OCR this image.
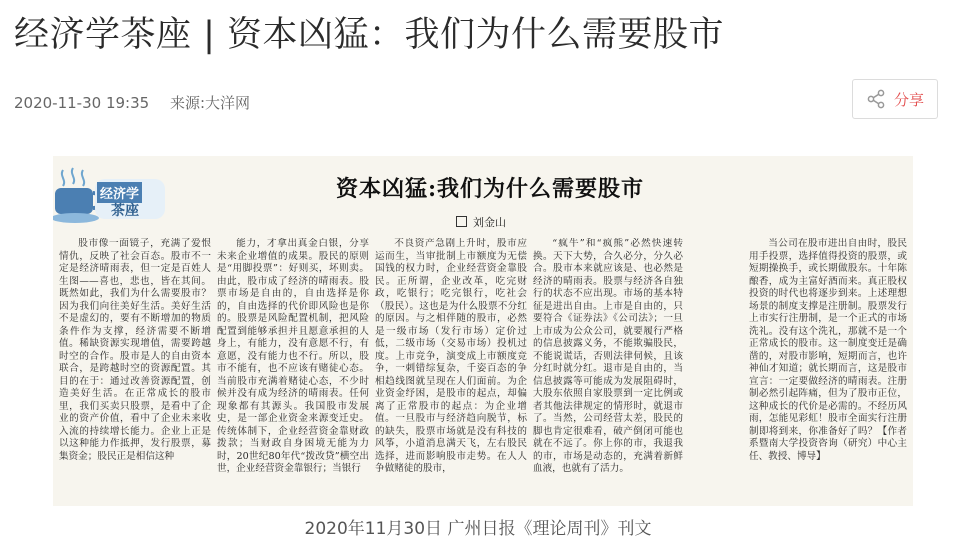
经济学茶座 | 资本凶猛：我们为什么需要股市
2020-11-30 19:35 来源:大洋网	分享
经济学
茶座
资本凶猛:我们为什么需要股市
刘金山

股市像一面镜子，充满了爱恨情仇，反映了社会百态。股市不一定是经济晴雨表，但一定是百姓人生图——喜也，悲也，皆在其间。既然如此，我们为什么需要股市？因为我们向往美好生活。美好生活不是虚幻的，要有不断增加的物质条件作为支撑，经济需要不断增值。稀缺资源实现增值，需要跨越时空的合作。股市是人的自由资本联合，是跨越时空的资源配置。其目的在于：通过改善资源配置，创造美好生活。在正常成长的股市里，我们买卖只股票，是看中了企业的资产价值，看中了企业未来收入流的持续增长能力。企业上正是以这种能力作抵押，发行股票，募集资金；股民正是相信这种

能力，才拿出真金白银，分享未来企业增值的成果。股民的原则是“用脚投票”：好则买，坏则卖。由此，股市成了经济的晴雨表。股票市场是自由的，自由选择是你的，自由选择的代价即风险也是你的。股票是风险配置机制，把风险配置到能够承担并且愿意承担的人身上，有能力，没有意愿不行，有意愿，没有能力也不行。所以，股市不能有，也不应该有赌徒心态。当前股市充满着赌徒心态，不少时候并没有成为经济的晴雨表。任何现象都有其源头。我国股市发展史，是一部企业资金来源变迁史。传统体制下，企业经营资金靠财政拨款；当财政自身困境无能为力时，20世纪80年代“拨改贷”横空出世，企业经营资金靠银行；当银行

不良资产急剧上升时，股市应运而生，当审批制上市额度为无偿国钱的权力时，企业经营资金靠股民。正所谓，企业改革，吃完财政，吃银行；吃完银行，吃社会（股民）。这也是为什么股票不分红的原因。与之相伴随的股市，必然是一级市场（发行市场）定价过低，二级市场（交易市场）投机过度。上市竞争，演变成上市额度竞争，一刺错综复杂，千姿百态的争相趋线图就呈现在人们面前。为企业资金纾困，是股市的起点，却偏离了正常股市的起点：为企业增值。一旦股市与经济趋向脱节，标的缺失，股票市场就是没有科技的风筝，小道消息满天飞，左右股民选择，进而影响股市走势。在人人争做赌徒的股市，

“疯牛”和“疯熊”必然快速转换。天下大势，合久必分，分久必合。股市本来就应该是、也必然是经济的晴雨表。股票与经济各自独行的状态不应出现。市场的基本特征是进出自由。上市是自由的，只要符合《证券法》《公司法》；一旦上市成为公众公司，就要履行严格的信息披露义务，不能欺骗股民，不能说谎话，否则法律伺候，且该分红时就分红。退市是自由的，当信息披露等可能成为发展阻碍时，大股东依照自家股票到一定比例或者其他法律规定的情形时，就退市了。当然，公司经营太差，股民的脚也肯定很难看，破产倒闭可能也就在不远了。你上你的市，我退我的市，市场是动态的，充满着新鲜血液，也就有了活力。

当公司在股市进出自由时，股民用手投票，选择值得投资的股票，或短期操换手，或长期做股东。十年陈酿香，成为主富好酒而来。真正股权投资的时代也将逐步到来。上述理想场景的制度支撑是注册制。股票发行上市实行注册制，是一个正式的市场洗礼。没有这个洗礼，那就不是一个正常成长的股市。这一制度变迁是确凿的，对股市影响，短期而言，也许神仙才知道；就长期而言，这是股市宣言：一定要做经济的晴雨表。注册制必然引起阵痛，但为了股市正位，这种成长的代价是必需的。不经历风雨，怎能见彩虹！股市全面实行注册制即将到来，你准备好了吗？【作者系暨南大学投资咨询（研究）中心主任、教授、博导】

2020年11月30日 广州日报《理论周刊》刊文
